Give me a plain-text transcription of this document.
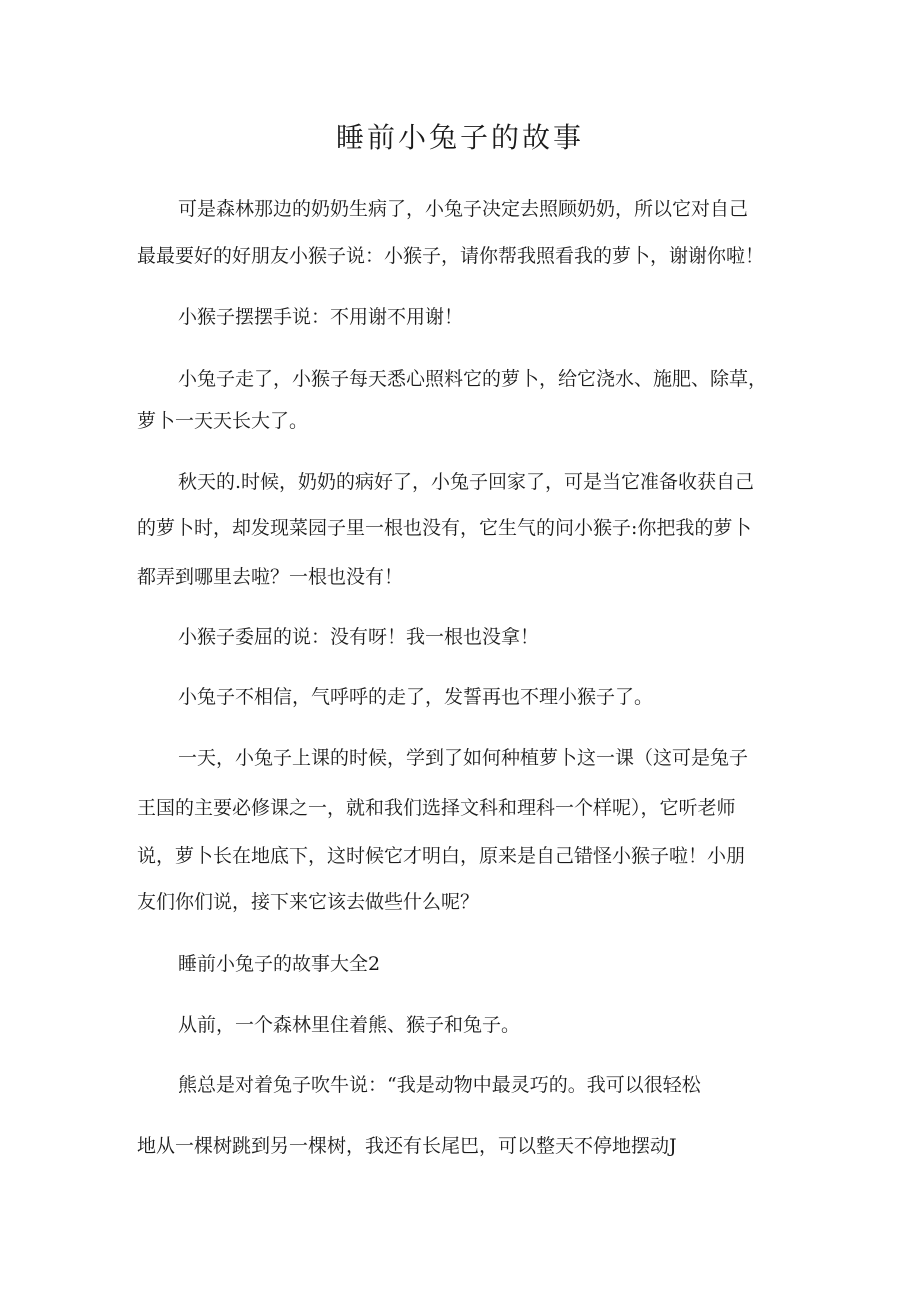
睡前小兔子的故事

可是森林那边的奶奶生病了，小兔子决定去照顾奶奶，所以它对自己

最最要好的好朋友小猴子说：小猴子，请你帮我照看我的萝卜，谢谢你啦！

小猴子摆摆手说：不用谢不用谢！

小兔子走了，小猴子每天悉心照料它的萝卜，给它浇水、施肥、除草，

萝卜一天天长大了。

秋天的.时候，奶奶的病好了，小兔子回家了，可是当它准备收获自己

的萝卜时，却发现菜园子里一根也没有，它生气的问小猴子:你把我的萝卜

都弄到哪里去啦？一根也没有！

小猴子委屈的说：没有呀！我一根也没拿！

小兔子不相信，气呼呼的走了，发誓再也不理小猴子了。

一天，小兔子上课的时候，学到了如何种植萝卜这一课（这可是兔子

王国的主要必修课之一，就和我们选择文科和理科一个样呢），它听老师

说，萝卜长在地底下，这时候它才明白，原来是自己错怪小猴子啦！小朋

友们你们说，接下来它该去做些什么呢？

睡前小兔子的故事大全2

从前，一个森林里住着熊、猴子和兔子。

熊总是对着兔子吹牛说：“我是动物中最灵巧的。我可以很轻松

地从一棵树跳到另一棵树，我还有长尾巴，可以整天不停地摆动J
